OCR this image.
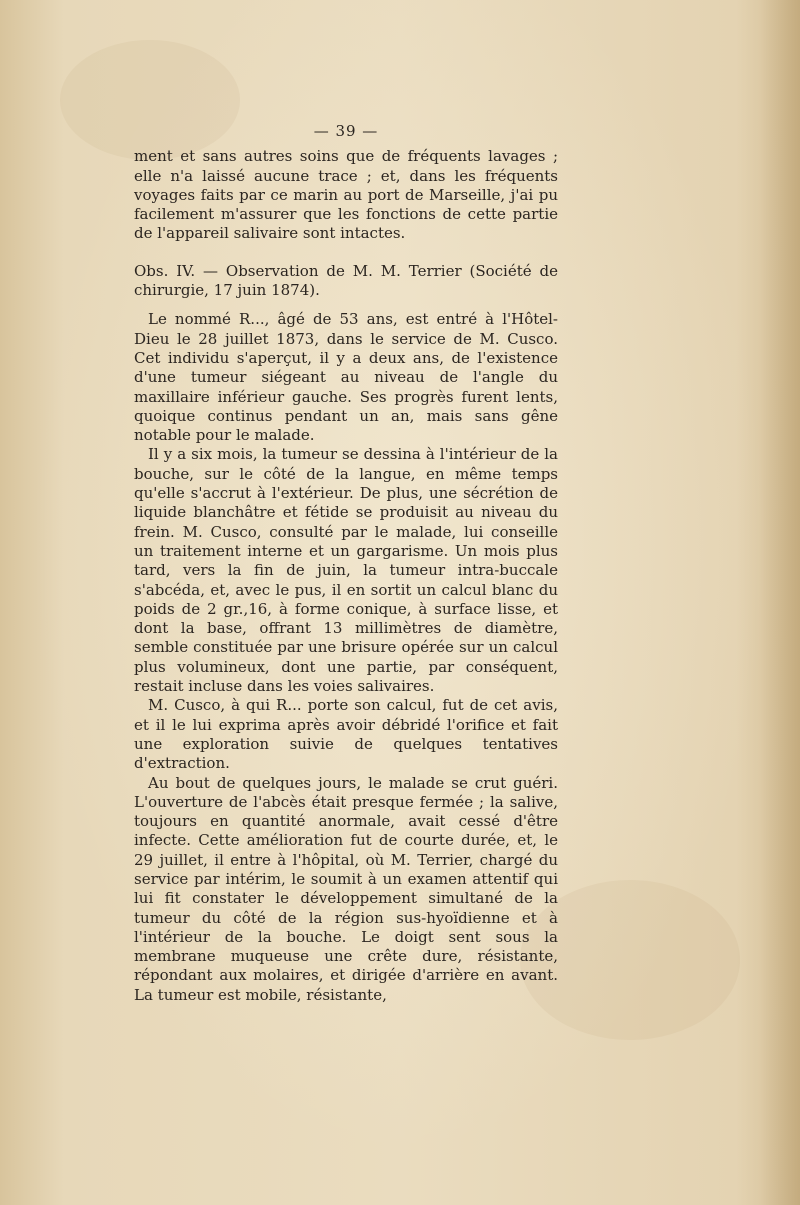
— 39 —

ment et sans autres soins que de fréquents lavages ; elle n'a laissé aucune trace ; et, dans les fréquents voyages faits par ce marin au port de Marseille, j'ai pu facilement m'assurer que les fonctions de cette partie de l'appareil salivaire sont intactes.

Obs. IV. — Observation de M. M. Terrier (Société de chirurgie, 17 juin 1874).

Le nommé R..., âgé de 53 ans, est entré à l'Hôtel-Dieu le 28 juillet 1873, dans le service de M. Cusco. Cet individu s'aperçut, il y a deux ans, de l'existence d'une tumeur siégeant au niveau de l'angle du maxillaire inférieur gauche. Ses progrès furent lents, quoique continus pendant un an, mais sans gêne notable pour le malade.

Il y a six mois, la tumeur se dessina à l'intérieur de la bouche, sur le côté de la langue, en même temps qu'elle s'accrut à l'extérieur. De plus, une sécrétion de liquide blanchâtre et fétide se produisit au niveau du frein. M. Cusco, consulté par le malade, lui conseille un traitement interne et un gargarisme. Un mois plus tard, vers la fin de juin, la tumeur intra-buccale s'abcéda, et, avec le pus, il en sortit un calcul blanc du poids de 2 gr.,16, à forme conique, à surface lisse, et dont la base, offrant 13 millimètres de diamètre, semble constituée par une brisure opérée sur un calcul plus volumineux, dont une partie, par conséquent, restait incluse dans les voies salivaires.

M. Cusco, à qui R... porte son calcul, fut de cet avis, et il le lui exprima après avoir débridé l'orifice et fait une exploration suivie de quelques tentatives d'extraction.

Au bout de quelques jours, le malade se crut guéri. L'ouverture de l'abcès était presque fermée ; la salive, toujours en quantité anormale, avait cessé d'être infecte. Cette amélioration fut de courte durée, et, le 29 juillet, il entre à l'hôpital, où M. Terrier, chargé du service par intérim, le soumit à un examen attentif qui lui fit constater le développement simultané de la tumeur du côté de la région sus-hyoïdienne et à l'intérieur de la bouche. Le doigt sent sous la membrane muqueuse une crête dure, résistante, répondant aux molaires, et dirigée d'arrière en avant. La tumeur est mobile, résistante,
